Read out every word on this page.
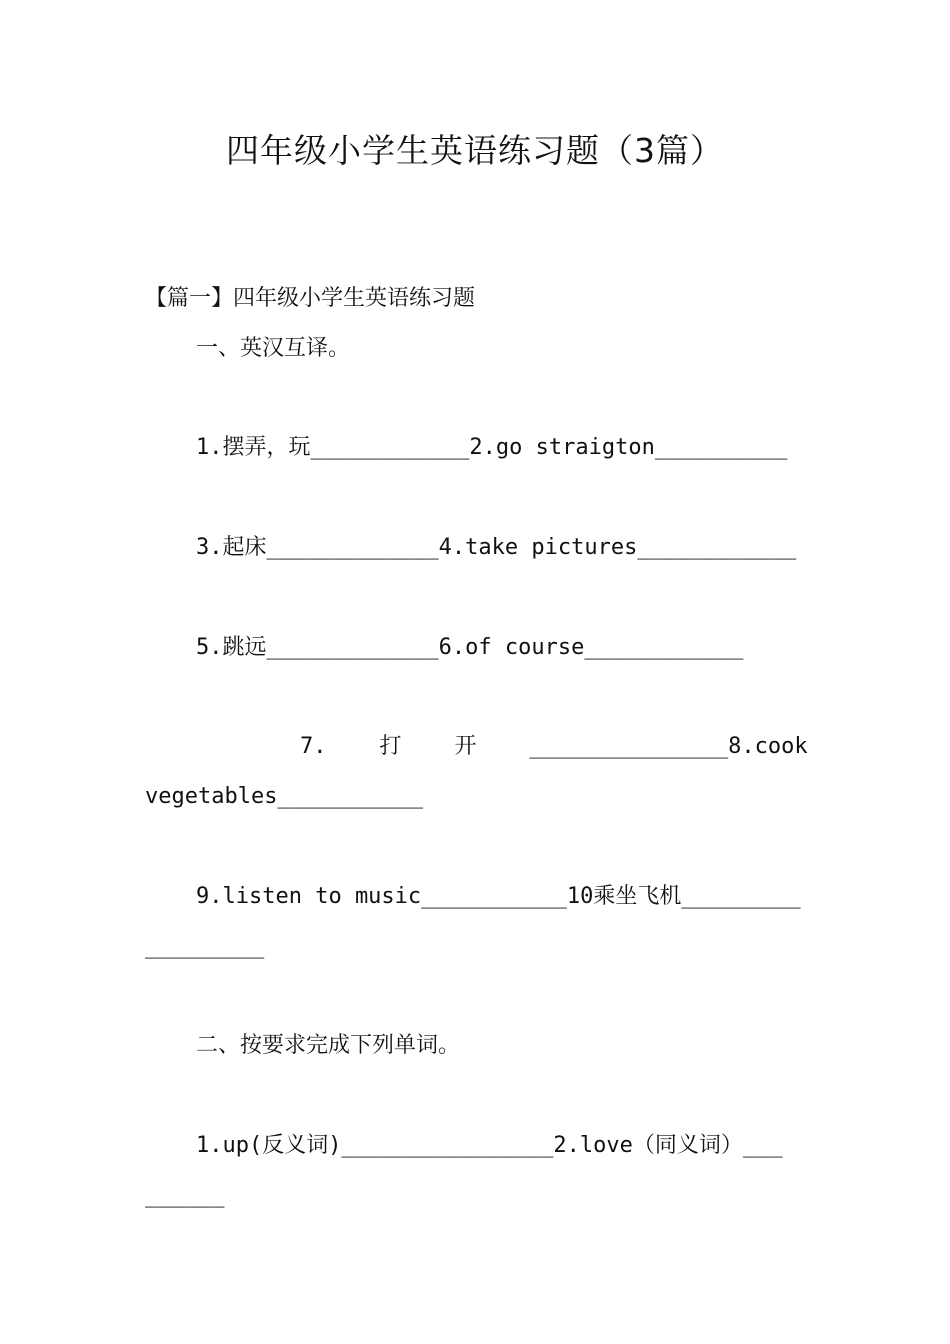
四年级小学生英语练习题（3篇）
【篇一】四年级小学生英语练习题
一、英汉互译。
1.摆弄，玩____________2.go straigton__________
3.起床_____________4.take pictures____________
5.跳远_____________6.of course____________
7.    打    开    _______________8.cook
vegetables___________
9.listen to music___________10乘坐飞机_________
_________
二、按要求完成下列单词。
1.up(反义词)________________2.love（同义词）___
______
